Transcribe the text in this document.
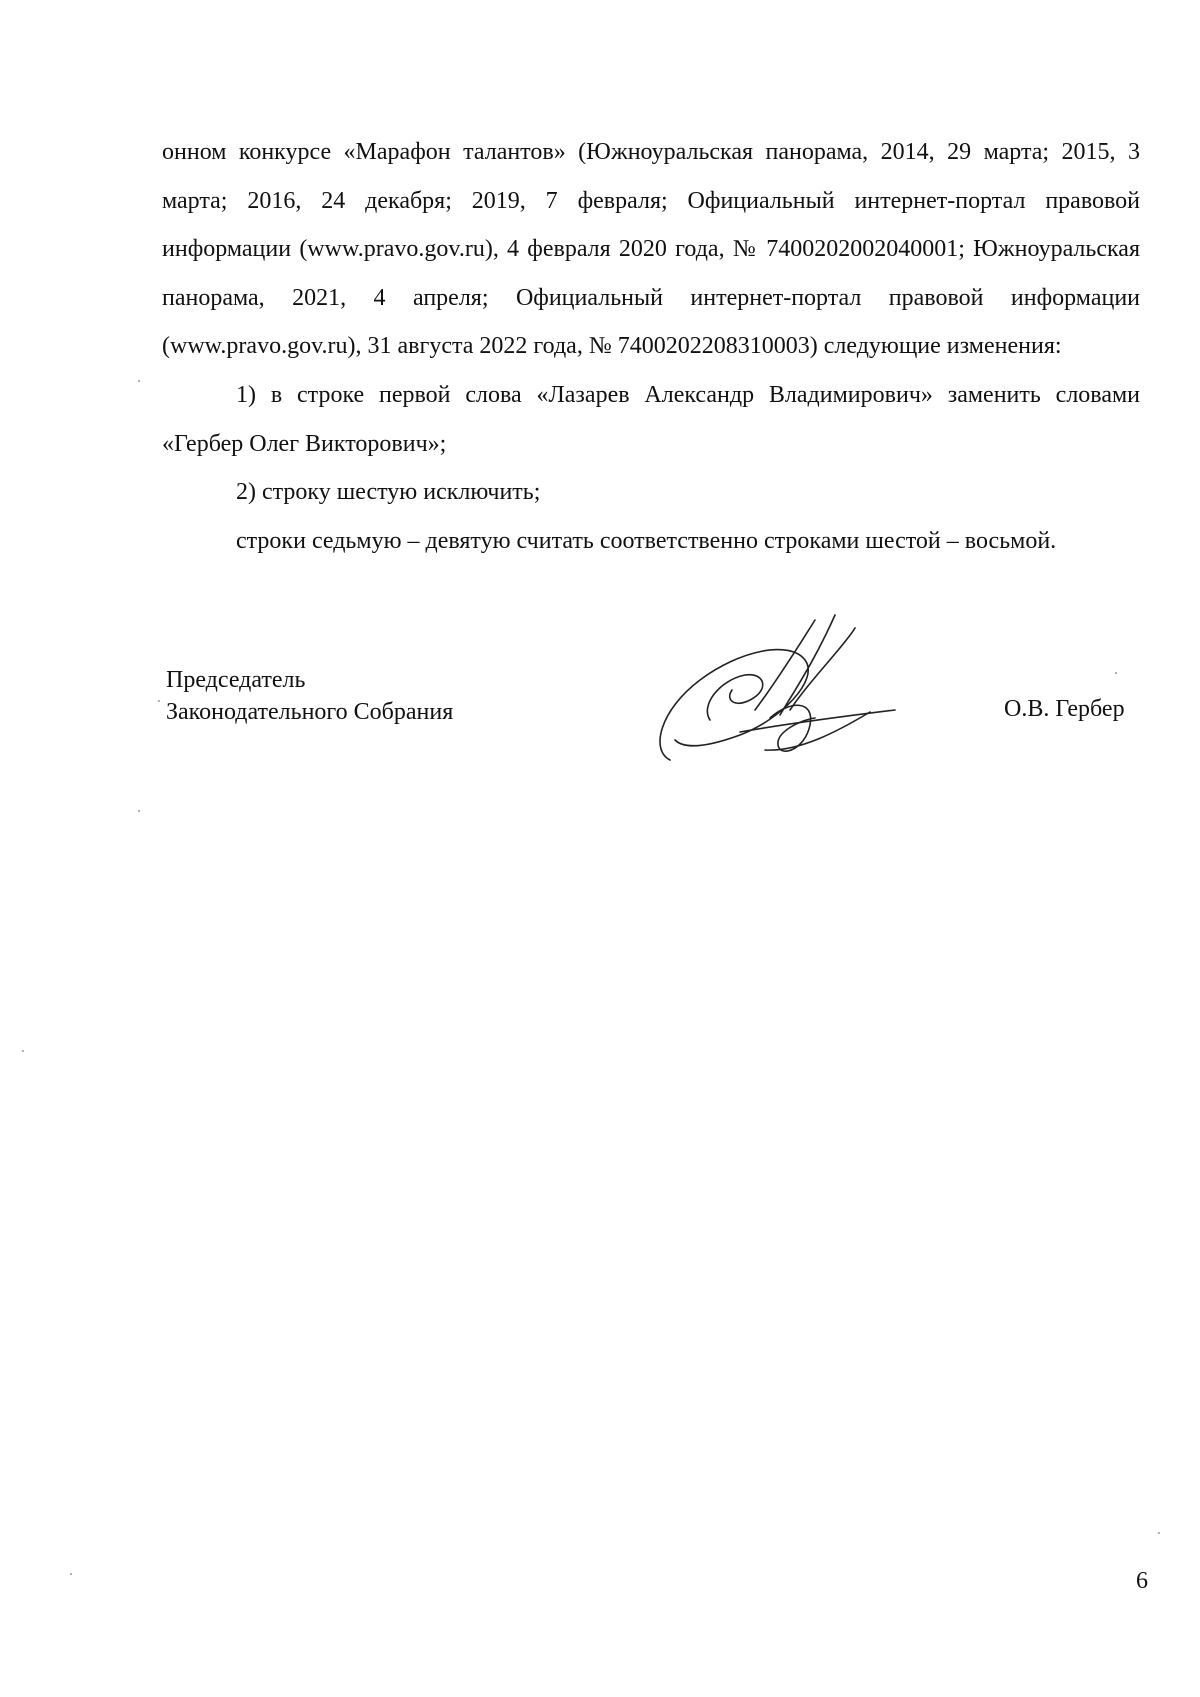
онном конкурсе «Марафон талантов» (Южноуральская панорама, 2014, 29 марта; 2015, 3 марта; 2016, 24 декабря; 2019, 7 февраля; Официальный интернет-портал правовой информации (www.pravo.gov.ru), 4 февраля 2020 года, № 7400202002040001; Южноуральская панорама, 2021, 4 апреля; Официальный интернет-портал правовой информации (www.pravo.gov.ru), 31 августа 2022 года, № 7400202208310003) следующие изменения:

1) в строке первой слова «Лазарев Александр Владимирович» заменить словами «Гербер Олег Викторович»;

2) строку шестую исключить;

строки седьмую – девятую считать соответственно строками шестой – восьмой.

Председатель
Законодательного Собрания	О.В. Гербер
6
